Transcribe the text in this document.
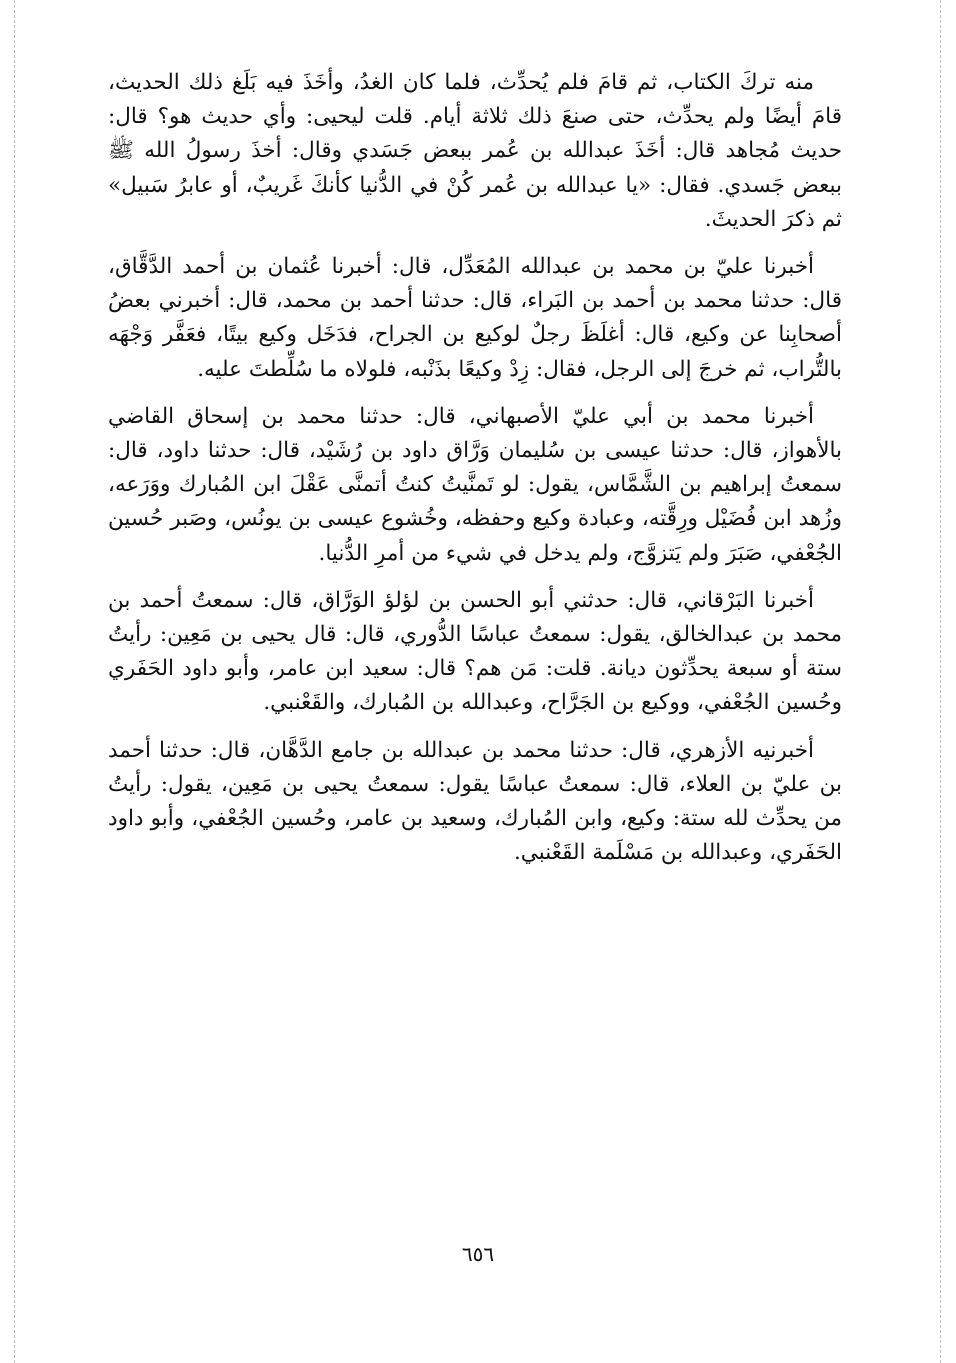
منه تركَ الكتاب، ثم قامَ فلم يُحدِّث، فلما كان الغدُ، وأخَذَ فيه بَلَغ ذلك الحديث، قامَ أيضًا ولم يحدِّث، حتى صنعَ ذلك ثلاثة أيام. قلت ليحيى: وأي حديث هو؟ قال: حديث مُجاهد قال: أخَذَ عبدالله بن عُمر ببعض جَسَدي وقال: أخذَ رسولُ الله ﷺ ببعض جَسدي. فقال: «يا عبدالله بن عُمر كُنْ في الدُّنيا كأنكَ غَريبٌ، أو عابرُ سَبيل» ثم ذكرَ الحديثَ.

أخبرنا عليّ بن محمد بن عبدالله المُعَدِّل، قال: أخبرنا عُثمان بن أحمد الدَّقَّاق، قال: حدثنا محمد بن أحمد بن البَراء، قال: حدثنا أحمد بن محمد، قال: أخبرني بعضُ أصحابِنا عن وكيع، قال: أغلَظَ رجلٌ لوكيع بن الجراح، فدَخَل وكيع بيتًا، فعَفَّر وَجْهَه بالتُّراب، ثم خرجَ إلى الرجل، فقال: زِدْ وكيعًا بذَنْبه، فلولاه ما سُلِّطتَ عليه.

أخبرنا محمد بن أبي عليّ الأصبهاني، قال: حدثنا محمد بن إسحاق القاضي بالأهواز، قال: حدثنا عيسى بن سُليمان وَرَّاق داود بن رُشَيْد، قال: حدثنا داود، قال: سمعتُ إبراهيم بن الشَّمَّاس، يقول: لو تَمنَّيتُ كنتُ أتمنَّى عَقْلَ ابن المُبارك ووَرَعه، وزُهد ابن فُضَيْل ورِقَّته، وعبادة وكيع وحفظه، وخُشوع عيسى بن يونُس، وصَبر حُسين الجُعْفي، صَبَرَ ولم يَتزوَّج، ولم يدخل في شيء من أمرِ الدُّنيا.

أخبرنا البَرْقاني، قال: حدثني أبو الحسن بن لؤلؤ الوَرَّاق، قال: سمعتُ أحمد بن محمد بن عبدالخالق، يقول: سمعتُ عباسًا الدُّوري، قال: قال يحيى بن مَعِين: رأيتُ ستة أو سبعة يحدِّثون ديانة. قلت: مَن هم؟ قال: سعيد ابن عامر، وأبو داود الحَفَري وحُسين الجُعْفي، ووكيع بن الجَرَّاح، وعبدالله بن المُبارك، والقَعْنبي.

أخبرنيه الأزهري، قال: حدثنا محمد بن عبدالله بن جامع الدَّهَّان، قال: حدثنا أحمد بن عليّ بن العلاء، قال: سمعتُ عباسًا يقول: سمعتُ يحيى بن مَعِين، يقول: رأيتُ من يحدِّث لله ستة: وكيع، وابن المُبارك، وسعيد بن عامر، وحُسين الجُعْفي، وأبو داود الحَفَري، وعبدالله بن مَسْلَمة القَعْنبي.

٦٥٦
